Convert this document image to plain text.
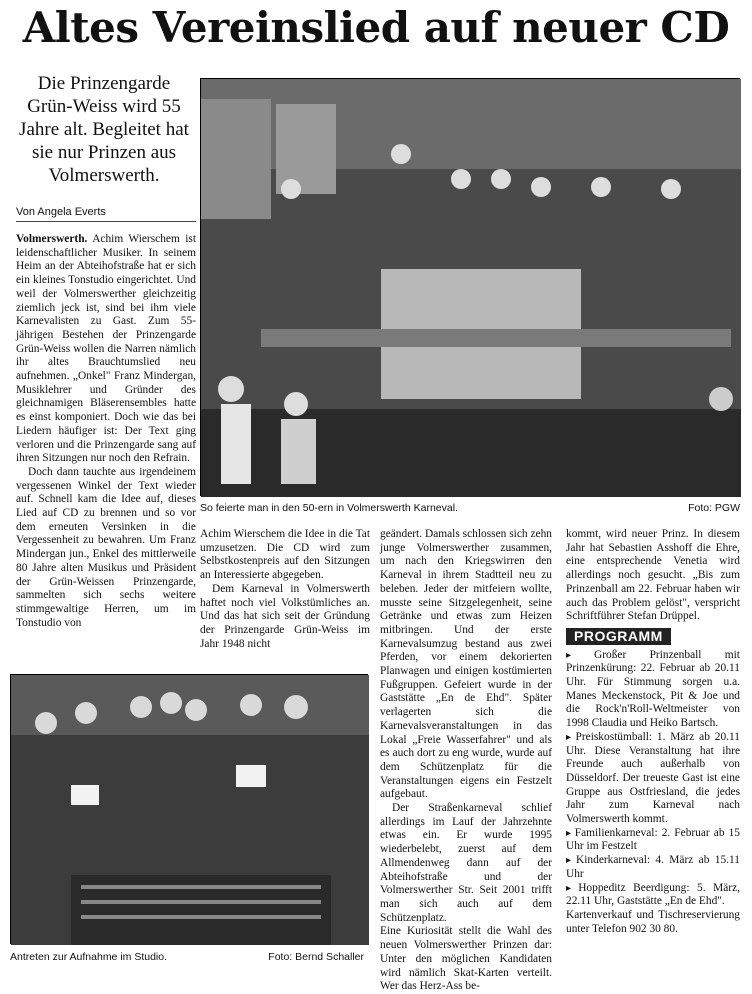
Altes Vereinslied auf neuer CD
Die Prinzengarde Grün-Weiss wird 55 Jahre alt. Begleitet hat sie nur Prinzen aus Volmerswerth.
Von Angela Everts

Volmerswerth. Achim Wierschem ist leidenschaftlicher Musiker. In seinem Heim an der Abteihofstraße hat er sich ein kleines Tonstudio eingerichtet. Und weil der Volmerswerther gleichzeitig ziemlich jeck ist, sind bei ihm viele Karnevalisten zu Gast. Zum 55-jährigen Bestehen der Prinzengarde Grün-Weiss wollen die Narren nämlich ihr altes Brauchtumslied neu aufnehmen. „Onkel" Franz Mindergan, Musiklehrer und Gründer des gleichnamigen Bläserensembles hatte es einst komponiert. Doch wie das bei Liedern häufiger ist: Der Text ging verloren und die Prinzengarde sang auf ihren Sitzungen nur noch den Refrain.

Doch dann tauchte aus irgendeinem vergessenen Winkel der Text wieder auf. Schnell kam die Idee auf, dieses Lied auf CD zu brennen und so vor dem erneuten Versinken in die Vergessenheit zu bewahren. Um Franz Mindergan jun., Enkel des mittlerweile 80 Jahre alten Musikus und Präsident der Grün-Weissen Prinzengarde, sammelten sich sechs weitere stimmgewaltige Herren, um im Tonstudio von

So feierte man in den 50-ern in Volmerswerth Karneval.	Foto: PGW

Achim Wierschem die Idee in die Tat umzusetzen. Die CD wird zum Selbstkostenpreis auf den Sitzungen an Interessierte abgegeben.

Dem Karneval in Volmerswerth haftet noch viel Volkstümliches an. Und das hat sich seit der Gründung der Prinzengarde Grün-Weiss im Jahr 1948 nicht

geändert. Damals schlossen sich zehn junge Volmerswerther zusammen, um nach den Kriegswirren den Karneval in ihrem Stadtteil neu zu beleben. Jeder der mitfeiern wollte, musste seine Sitzgelegenheit, seine Getränke und etwas zum Heizen mitbringen. Und der erste Karnevalsumzug bestand aus zwei Pferden, vor einem dekorierten Planwagen und einigen kostümierten Fußgruppen. Gefeiert wurde in der Gaststätte „En de Ehd". Später verlagerten sich die Karnevalsveranstaltungen in das Lokal „Freie Wasserfahrer" und als es auch dort zu eng wurde, wurde auf dem Schützenplatz für die Veranstaltungen eigens ein Festzelt aufgebaut.

Der Straßenkarneval schlief allerdings im Lauf der Jahrzehnte etwas ein. Er wurde 1995 wiederbelebt, zuerst auf dem Allmendenweg dann auf der Abteihofstraße und der Volmerswerther Str. Seit 2001 trifft man sich auch auf dem Schützenplatz.

Eine Kuriosität stellt die Wahl des neuen Volmerswerther Prinzen dar: Unter den möglichen Kandidaten wird nämlich Skat-Karten verteilt. Wer das Herz-Ass be-

kommt, wird neuer Prinz. In diesem Jahr hat Sebastien Asshoff die Ehre, eine entsprechende Venetia wird allerdings noch gesucht. „Bis zum Prinzenball am 22. Februar haben wir auch das Problem gelöst", verspricht Schriftführer Stefan Drüppel.

PROGRAMM
▸ Großer Prinzenball mit Prinzenkürung: 22. Februar ab 20.11 Uhr. Für Stimmung sorgen u.a. Manes Meckenstock, Pit & Joe und die Rock'n'Roll-Weltmeister von 1998 Claudia und Heiko Bartsch.
▸ Preiskostümball: 1. März ab 20.11 Uhr. Diese Veranstaltung hat ihre Freunde auch außerhalb von Düsseldorf. Der treueste Gast ist eine Gruppe aus Ostfriesland, die jedes Jahr zum Karneval nach Volmerswerth kommt.
▸ Familienkarneval: 2. Februar ab 15 Uhr im Festzelt
▸ Kinderkarneval: 4. März ab 15.11 Uhr
▸ Hoppeditz Beerdigung: 5. März, 22.11 Uhr, Gaststätte „En de Ehd".

Kartenverkauf und Tischreservierung unter Telefon 902 30 80.

Antreten zur Aufnahme im Studio.	Foto: Bernd Schaller
